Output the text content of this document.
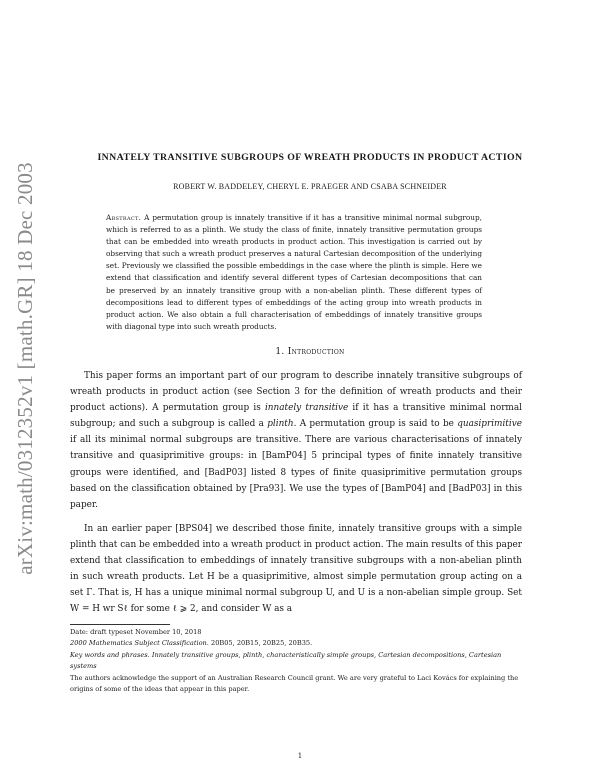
arXiv:math/0312352v1 [math.GR] 18 Dec 2003
INNATELY TRANSITIVE SUBGROUPS OF WREATH PRODUCTS IN PRODUCT ACTION
ROBERT W. BADDELEY, CHERYL E. PRAEGER AND CSABA SCHNEIDER
Abstract. A permutation group is innately transitive if it has a transitive minimal normal subgroup, which is referred to as a plinth. We study the class of finite, innately transitive permutation groups that can be embedded into wreath products in product action. This investigation is carried out by observing that such a wreath product preserves a natural Cartesian decomposition of the underlying set. Previously we classified the possible embeddings in the case where the plinth is simple. Here we extend that classification and identify several different types of Cartesian decompositions that can be preserved by an innately transitive group with a non-abelian plinth. These different types of decompositions lead to different types of embeddings of the acting group into wreath products in product action. We also obtain a full characterisation of embeddings of innately transitive groups with diagonal type into such wreath products.
1. Introduction

This paper forms an important part of our program to describe innately transitive subgroups of wreath products in product action (see Section 3 for the definition of wreath products and their product actions). A permutation group is innately transitive if it has a transitive minimal normal subgroup; and such a subgroup is called a plinth. A permutation group is said to be quasiprimitive if all its minimal normal subgroups are transitive. There are various characterisations of innately transitive and quasiprimitive groups: in [BamP04] 5 principal types of finite innately transitive groups were identified, and [BadP03] listed 8 types of finite quasiprimitive permutation groups based on the classification obtained by [Pra93]. We use the types of [BamP04] and [BadP03] in this paper.

In an earlier paper [BPS04] we described those finite, innately transitive groups with a simple plinth that can be embedded into a wreath product in product action. The main results of this paper extend that classification to embeddings of innately transitive subgroups with a non-abelian plinth in such wreath products. Let H be a quasiprimitive, almost simple permutation group acting on a set Γ. That is, H has a unique minimal normal subgroup U, and U is a non-abelian simple group. Set W = H wr Sℓ for some ℓ ⩾ 2, and consider W as a

Date: draft typeset November 10, 2018
2000 Mathematics Subject Classification. 20B05, 20B15, 20B25, 20B35.
Key words and phrases. Innately transitive groups, plinth, characteristically simple groups, Cartesian decompositions, Cartesian systems
The authors acknowledge the support of an Australian Research Council grant. We are very grateful to Laci Kovács for explaining the origins of some of the ideas that appear in this paper.
1
